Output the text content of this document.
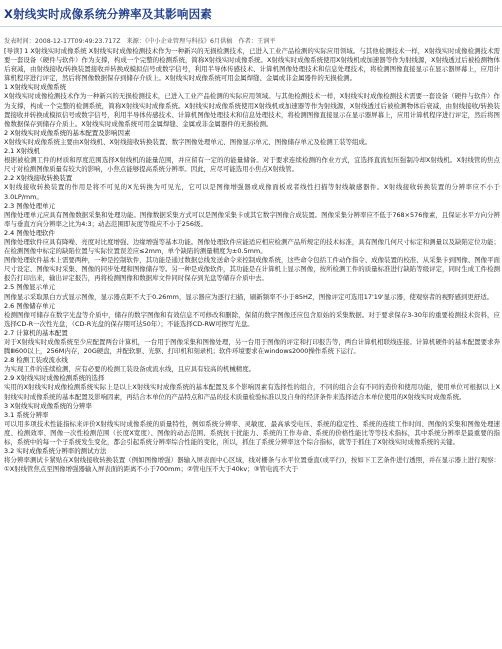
X射线实时成像系统分辨率及其影响因素
发表时间：2008-12-17T09:49:23.717Z 来源：《中小企业管理与科技》6月供稿 作者：王润平

[导读] 1 X射线实时成像系统 X射线实时成像检测技术作为一种新兴的无损检测技术，已进入工业产品检测的实际应用领域。与其他检测技术一样，X射线实时成像检测技术需要一套设备（硬件与软件）作为支撑，构成一个完整的检测系统，简称X射线实时成像系统。X射线实时成像系统使用X射线机或加速器等作为射线源，X射线透过后被检测物体后衰减，由射线接收/转换装置接收并转换成模拟信号或数字信号，利用半导体传感技术、计算机图像处理技术和信息处理技术，将检测图像直接显示在显示器屏幕上，应用计算机程序进行评定，然后将图像数据保存到储存介质上。X射线实时成像系统可用金属焊缝、金属或非金属器件的无损检测。

1 X射线实时成像系统

X射线实时成像检测技术作为一种新兴的无损检测技术，已进入工业产品检测的实际应用领域。与其他检测技术一样，X射线实时成像检测技术需要一套设备（硬件与软件）作为支撑，构成一个完整的检测系统，简称X射线实时成像系统。X射线实时成像系统使用X射线机或加速器等作为射线源，X射线透过后被检测物体后衰减，由射线接收/转换装置接收并转换成模拟信号或数字信号，利用半导体传感技术、计算机图像处理技术和信息处理技术，将检测图像直接显示在显示器屏幕上，应用计算机程序进行评定，然后将图像数据保存到储存介质上。X射线实时成像系统可用金属焊缝、金属或非金属器件的无损检测。

2 X射线实时成像系统的基本配置及影响因素

X射线实时成像系统主要由X射线机、X射线接收转换装置、数字图像处理单元、图像显示单元、图像储存单元及检测工装等组成。

2.1 X射线机

根据被检测工件的材质和厚度范围选择X射线机的能量范围，并应留有一定的的能量储备。对于要求连续检测的作业方式，宜选择直流恒压强制冷却X射线机。X射线管的焦点尺寸对检测图像质量有较大的影响，小焦点能够提高系统分辨率。因此，应尽可能选用小焦点X射线管。

2.2 X射线接收转换装置

X射线接收转换装置的作用是将不可见的X光转换为可见光，它可以是图像增强器或成像面板或者线性扫描等射线敏感器件。X射线接收转换装置的分辨率应不小于3.0LP/mm。

2.3 图像处理单元

图像处理单元应具有图像数据采集和处理功能。图像数据采集方式可以是图像采集卡或其它数字图像合成装置。图像采集分辨率应不低于768×576像素，且保证水平方向分辨率与垂直方向分辨率之比为4:3；动态范围即灰度等级应不小于256级。

2.4 图像处理软件

图像处理软件应具有降噪、亮度对比度增强、边缘增强等基本功能。图像处理软件应能适应相应检测产品所规定的技术标准，具有图像几何尺寸标定和测量以及缺陷定位功能；在检测图像中标定的缺陷位置与实际位置误差应≤2mm，单个缺陷的测量精度为±0.5mm。

图像处理软件基本上需要两种，一种是控制软件，其功能是通过数据总线发送命令来控制成像系统，这些命令包括工件动作指令、成像装置的校准、从采集卡到图像、图像平面尺寸设定、图像实时采集、图像的同步处理和图像储存等。另一种是成像软件，其功能是在计算机上显示图像，按所检测工件的质量标准进行缺陷等级评定，同时生成工件检测报告打印出来，输出评定报告，再将检测图像和数据库文件同时保存到光盘等储存介质中去。

2.5 图像显示单元

图像显示采取黑白方式显示图像，显示器点距不大于0.26mm，显示器应为逐行扫描，刷新频率不小于85HZ，图像评定可选用17'19'显示器，使观察者的视野感到更舒适。

2.6 图像储存单元

检测图像可储存在数字光盘等介质中，储存的数字图像和有效信息不可修改和删除，保留的数字图像还应包含原始的采集数据。对于要求保存3-30年的重要检测技术资料，应选择CD-R一次性光盘，（CD-R光盘的保存期可达50年）；不能选择CD-RW可擦写光盘。

2.7 计算机的基本配置

对于X射线实时成像系统至少应配置两台计算机，一台用于图像采集和图像处理，另一台用于图像的评定和打印报告等，两台计算机相联线连接。计算机硬件的基本配置要求奔腾Ⅲ600以上，256M内存，20G硬盘，并配软驱、光驱、打印机和刻录机；软件环境要求在windows2000操作系统下运行。

2.8 检测工装或流水线

为实现工件的连续检测，应有必要的检测工装设备或流水线，且应具有较高的机械精度。

2.9 X射线实时成像检测系统的选择

实用的X射线实时成像检测系统实际上是以上X射线实时成像系统的基本配置及多个影响因素有选择性的组合，不同的组合会有不同的造价和使用功能，使用单位可根据以上X射线实时成像系统的基本配置及影响因素，再结合本单位的产品特点和产品的技术质量检验标准以及自身的经济条件来选择适合本单位使用的X射线实时成像系统。

3 X射线实时成像系统的分辨率

3.1 系统分辨率

可以用多项技术性能指标来评价X射线实时成像系统的质量特性，例如系统分辨率、灵敏度、最高承受电压、系统的稳定性、系统的连续工作时间、图像的采集和图像处理速度、检测效率、图像一次性检测范围（长度X宽度）、图像的动态范围、系统抗干扰能力、系统的工作寿命、系统的价格性能比等等技术指标，其中系统分辨率是最重要的指标，系统中的每一个子系统发生变化，都会引起系统分辨率综合性能的变化，所以，抓住了系统分辨率这个综合指标，就等于抓住了X射线实时成像系统的关键。

3.2 实时成像系统分辨率的测试方法

将分辨率测试卡紧贴在X射线接收转换装置（例如图像增强）器输入屏表面中心区域，线对栅条与水平位置垂直(或平行)，按如下工艺条件进行透照，并在显示器上进行观察：①X射线管焦点至图像增强器输入屏表面的距离不小于700mm；②管电压不大于40kv；③管电流不大于
